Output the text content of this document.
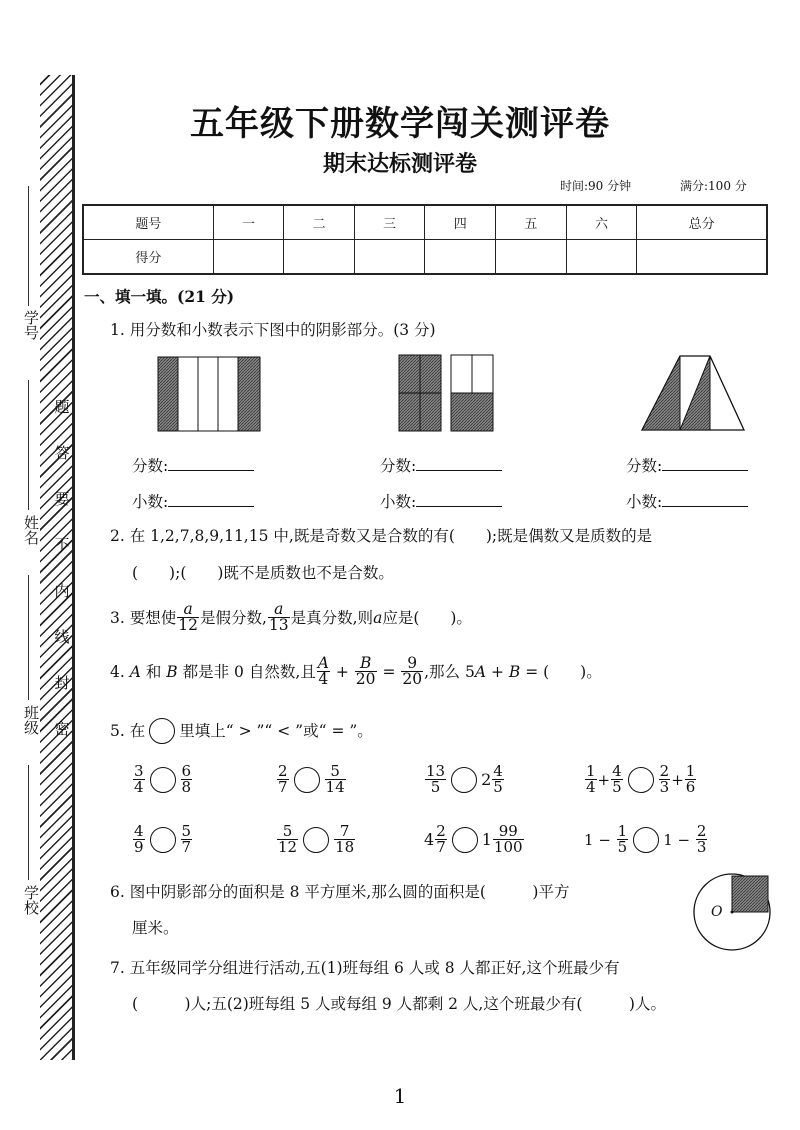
学号
姓名
班级
学校
题
答
要
不
内
线
封
密
五年级下册数学闯关测评卷
期末达标测评卷
时间:90 分钟	满分:100 分
题号	一	二	三	四	五	六	总分
得分							
一、填一填。(21 分)
1. 用分数和小数表示下图中的阴影部分。(3 分)
分数:
小数:
分数:
小数:
分数:
小数:
2. 在 1,2,7,8,9,11,15 中,既是奇数又是合数的有(　　);既是偶数又是质数的是
(　　);(　　)既不是质数也不是合数。
3. 要想使 $\frac{a}{12}$ 是假分数, $\frac{a}{13}$ 是真分数,则 a 应是(　　)。
4. A 和 B 都是非 0 自然数,且 $\frac{A}{4} + \frac{B}{20} = \frac{9}{20}$ ,那么 5 A + B = (　　)。
5. 在 里填上“ > ”“ < ”或“ = ”。
$\frac{3}{4} \frac{6}{8}$	$\frac{2}{7} \frac{5}{14}$	$\frac{13}{5} 2 \frac{4}{5}$	$\frac{1}{4} + \frac{4}{5} \frac{2}{3} + \frac{1}{6}$
$\frac{4}{9} \frac{5}{7}$	$\frac{5}{12} \frac{7}{18}$	$4 \frac{2}{7} 1 \frac{99}{100}$	$1 - \frac{1}{5} 1 - \frac{2}{3}$
6. 图中阴影部分的面积是 8 平方厘米,那么圆的面积是(　　　)平方
厘米。
O
7. 五年级同学分组进行活动,五(1)班每组 6 人或 8 人都正好,这个班最少有
(　　　)人;五(2)班每组 5 人或每组 9 人都剩 2 人,这个班最少有(　　　)人。
1
